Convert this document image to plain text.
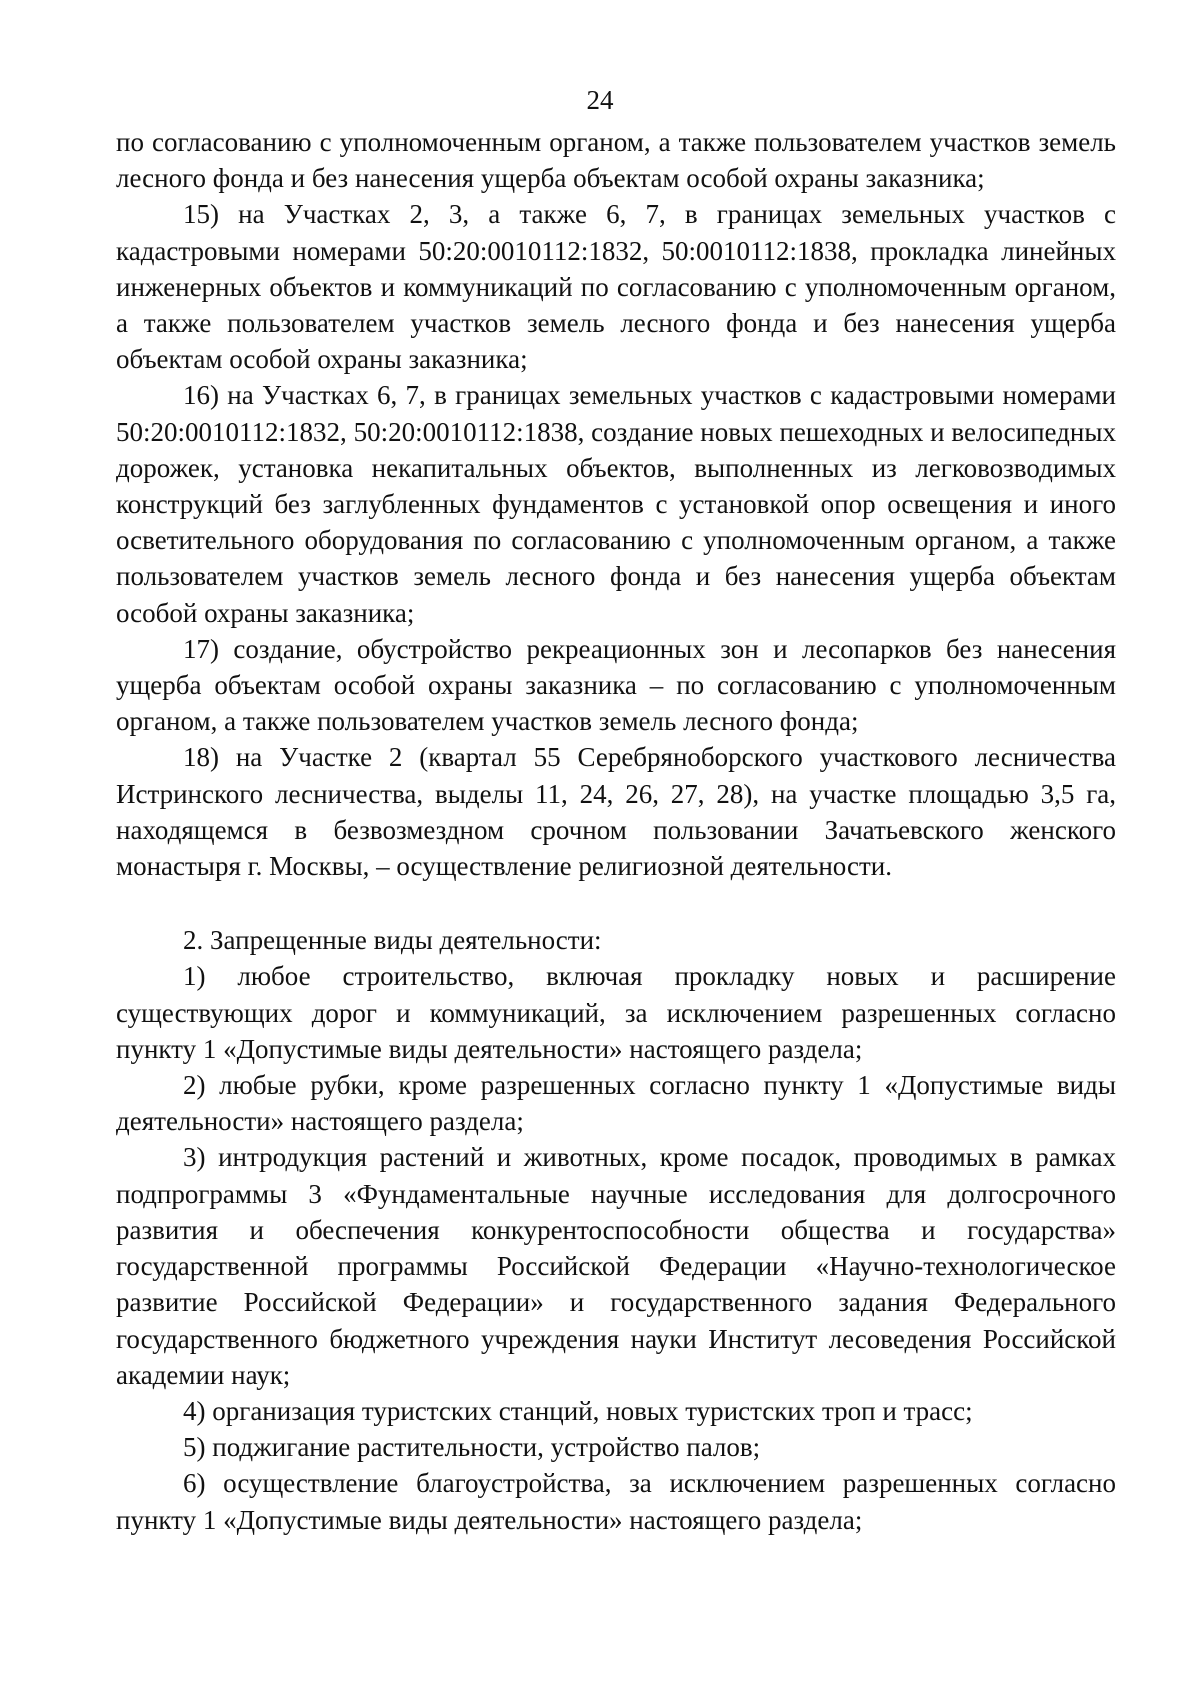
24

по согласованию с уполномоченным органом, а также пользователем участков земель лесного фонда и без нанесения ущерба объектам особой охраны заказника;

15) на Участках 2, 3, а также 6, 7, в границах земельных участков с кадастровыми номерами 50:20:0010112:1832, 50:0010112:1838, прокладка линейных инженерных объектов и коммуникаций по согласованию с уполномоченным органом, а также пользователем участков земель лесного фонда и без нанесения ущерба объектам особой охраны заказника;

16) на Участках 6, 7, в границах земельных участков с кадастровыми номерами 50:20:0010112:1832, 50:20:0010112:1838, создание новых пешеходных и велосипедных дорожек, установка некапитальных объектов, выполненных из легковозводимых конструкций без заглубленных фундаментов с установкой опор освещения и иного осветительного оборудования по согласованию с уполномоченным органом, а также пользователем участков земель лесного фонда и без нанесения ущерба объектам особой охраны заказника;

17) создание, обустройство рекреационных зон и лесопарков без нанесения ущерба объектам особой охраны заказника – по согласованию с уполномоченным органом, а также пользователем участков земель лесного фонда;

18) на Участке 2 (квартал 55 Серебряноборского участкового лесничества Истринского лесничества, выделы 11, 24, 26, 27, 28), на участке площадью 3,5 га, находящемся в безвозмездном срочном пользовании Зачатьевского женского монастыря г. Москвы, – осуществление религиозной деятельности.

2. Запрещенные виды деятельности:

1) любое строительство, включая прокладку новых и расширение существующих дорог и коммуникаций, за исключением разрешенных согласно пункту 1 «Допустимые виды деятельности» настоящего раздела;

2) любые рубки, кроме разрешенных согласно пункту 1 «Допустимые виды деятельности» настоящего раздела;

3) интродукция растений и животных, кроме посадок, проводимых в рамках подпрограммы 3 «Фундаментальные научные исследования для долгосрочного развития и обеспечения конкурентоспособности общества и государства» государственной программы Российской Федерации «Научно-технологическое развитие Российской Федерации» и государственного задания Федерального государственного бюджетного учреждения науки Институт лесоведения Российской академии наук;

4) организация туристских станций, новых туристских троп и трасс;

5) поджигание растительности, устройство палов;

6) осуществление благоустройства, за исключением разрешенных согласно пункту 1 «Допустимые виды деятельности» настоящего раздела;
